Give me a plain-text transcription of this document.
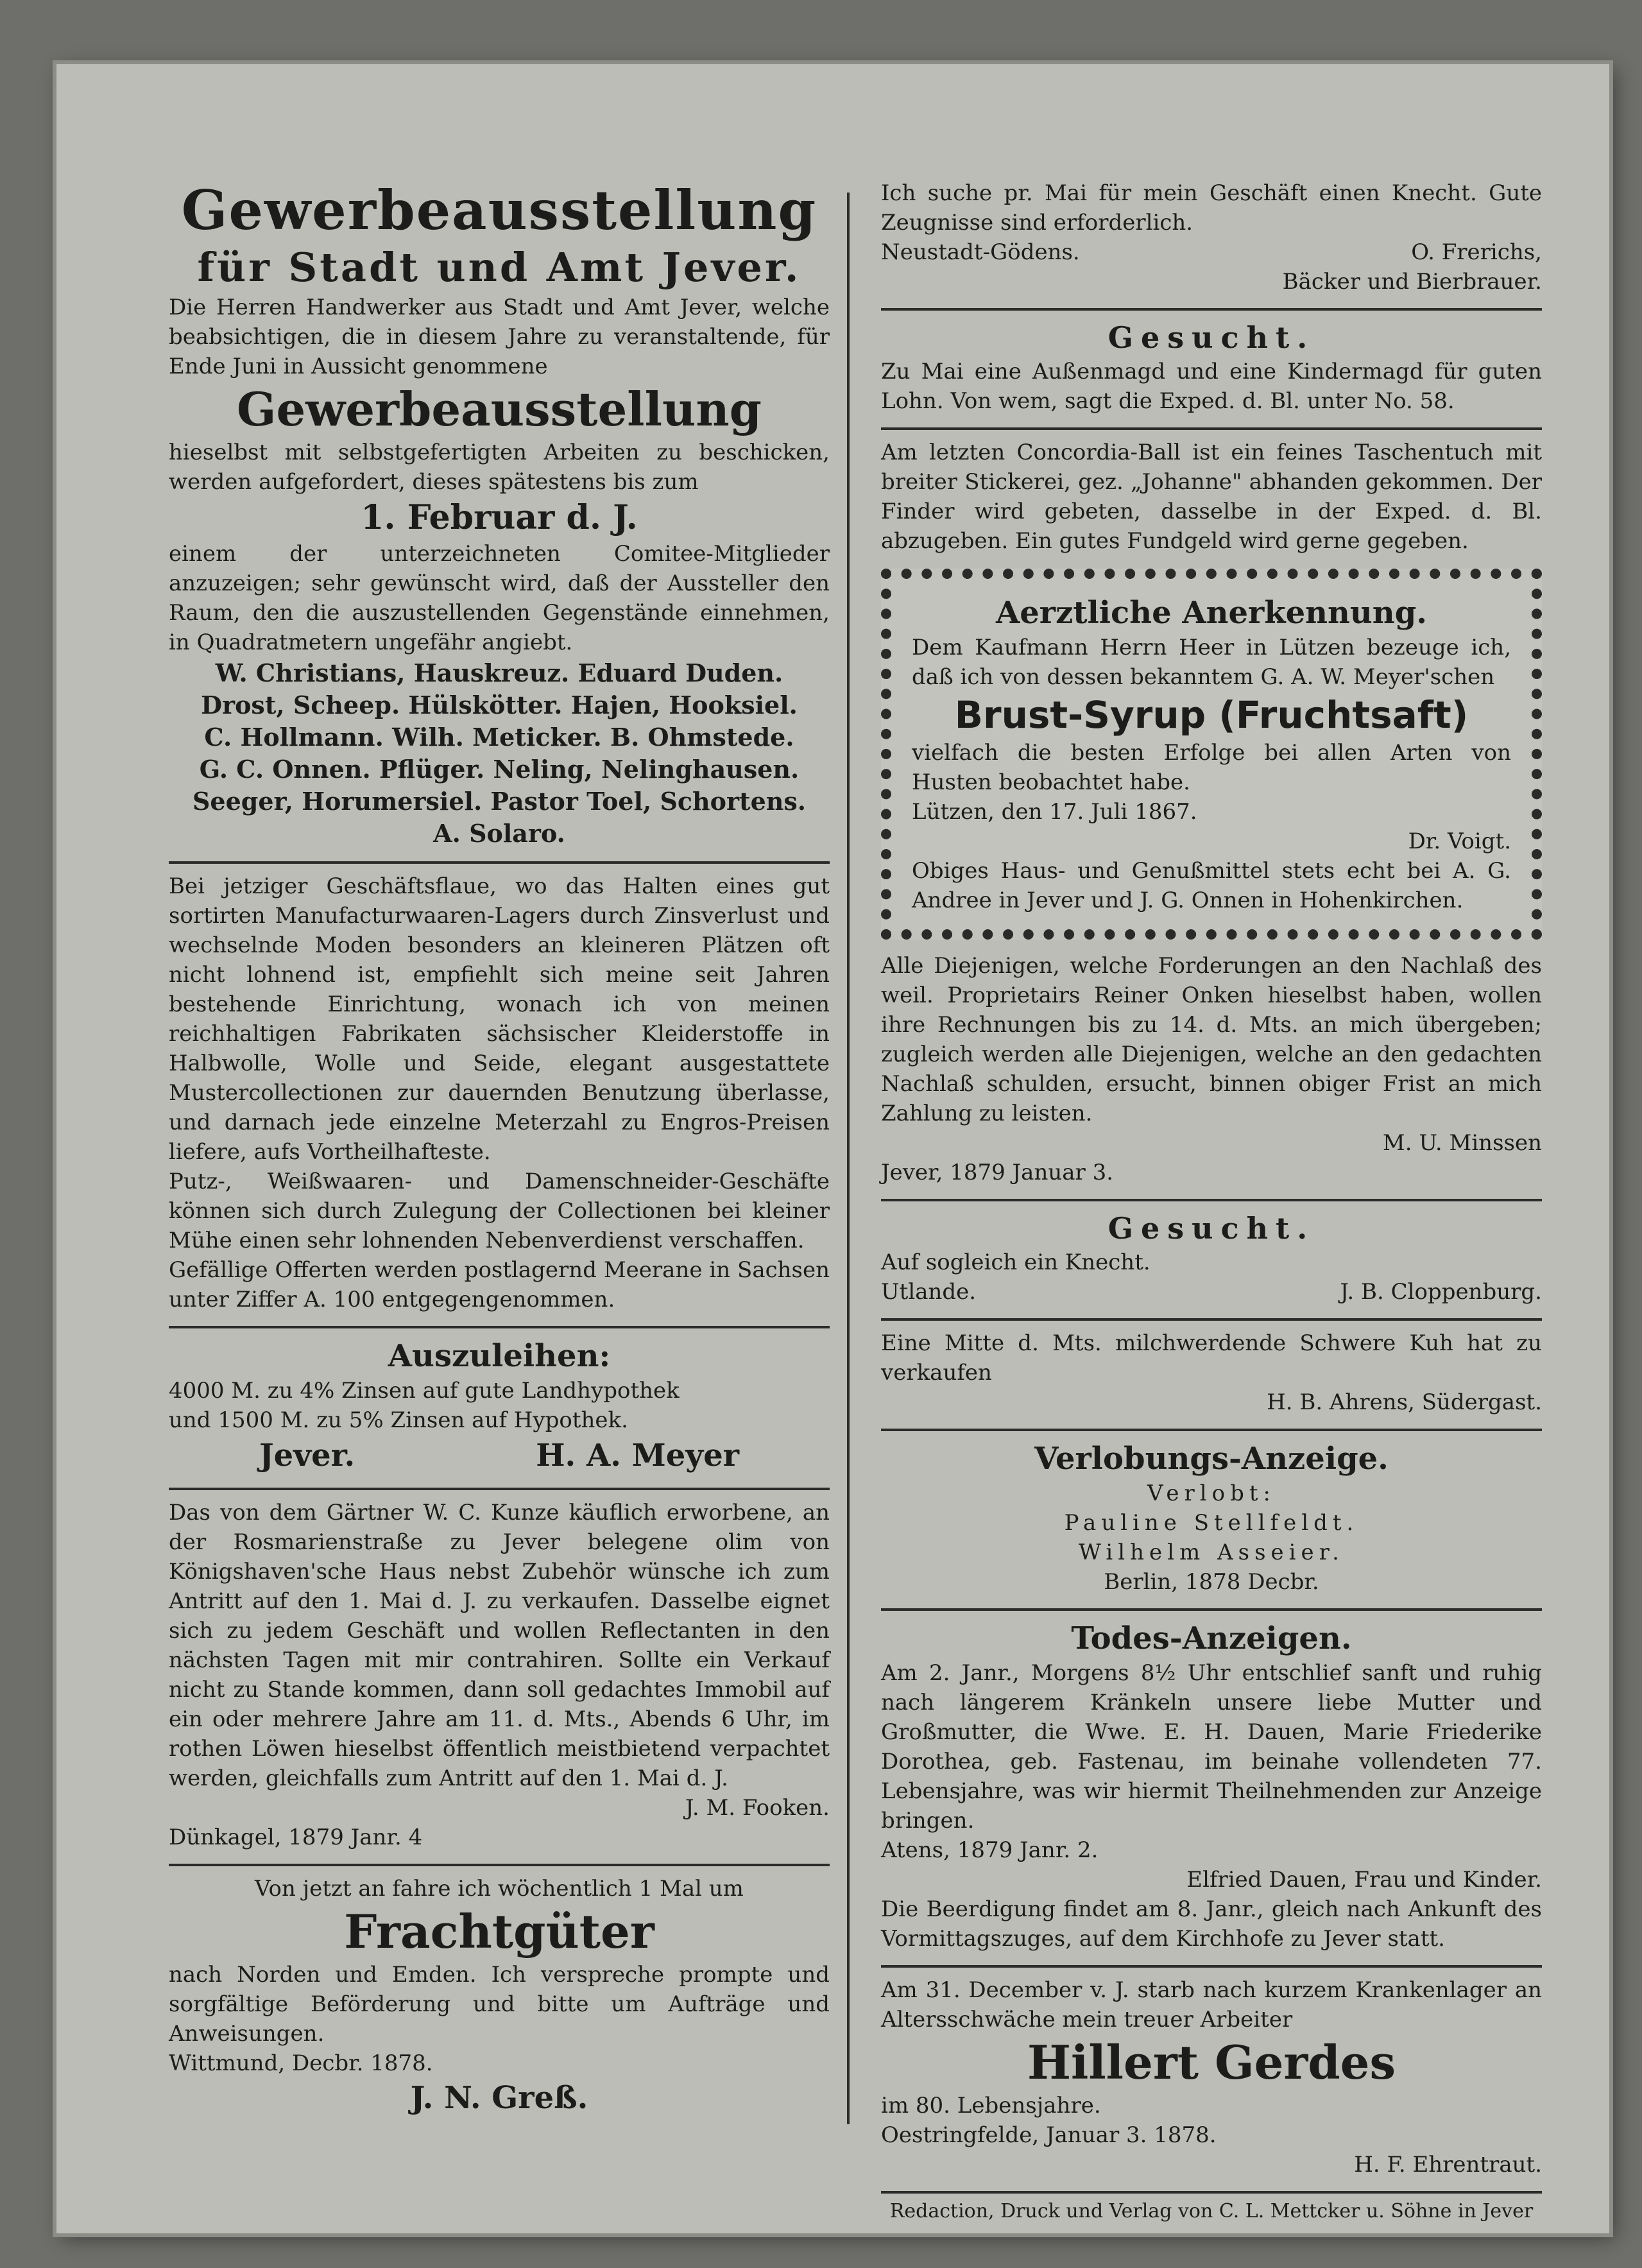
Gewerbeausstellung

für Stadt und Amt Jever.

Die Herren Handwerker aus Stadt und Amt Jever, welche beabsichtigen, die in diesem Jahre zu veranstaltende, für Ende Juni in Aussicht genommene

Gewerbeausstellung

hieselbst mit selbstgefertigten Arbeiten zu beschicken, werden aufgefordert, dieses spätestens bis zum

1. Februar d. J.

einem der unterzeichneten Comitee-Mitglieder anzuzeigen; sehr gewünscht wird, daß der Aussteller den Raum, den die auszustellenden Gegenstände einnehmen, in Quadratmetern ungefähr angiebt.

W. Christians, Hauskreuz. Eduard Duden.

Drost, Scheep. Hülskötter. Hajen, Hooksiel.

C. Hollmann. Wilh. Meticker. B. Ohmstede.

G. C. Onnen. Pflüger. Neling, Nelinghausen.

Seeger, Horumersiel. Pastor Toel, Schortens.

A. Solaro.

Bei jetziger Geschäftsflaue, wo das Halten eines gut sortirten Manufacturwaaren-Lagers durch Zinsverlust und wechselnde Moden besonders an kleineren Plätzen oft nicht lohnend ist, empfiehlt sich meine seit Jahren bestehende Einrichtung, wonach ich von meinen reichhaltigen Fabrikaten sächsischer Kleiderstoffe in Halbwolle, Wolle und Seide, elegant ausgestattete Mustercollectionen zur dauernden Benutzung überlasse, und darnach jede einzelne Meterzahl zu Engros-Preisen liefere, aufs Vortheilhafteste.

Putz-, Weißwaaren- und Damenschneider-Geschäfte können sich durch Zulegung der Collectionen bei kleiner Mühe einen sehr lohnenden Nebenverdienst verschaffen.

Gefällige Offerten werden postlagernd Meerane in Sachsen unter Ziffer A. 100 entgegengenommen.

Auszuleihen:

4000 M. zu 4% Zinsen auf gute Landhypothek

und 1500 M. zu 5% Zinsen auf Hypothek.

Jever.	H. A. Meyer

Das von dem Gärtner W. C. Kunze käuflich erworbene, an der Rosmarienstraße zu Jever belegene olim von Königshaven'sche Haus nebst Zubehör wünsche ich zum Antritt auf den 1. Mai d. J. zu verkaufen. Dasselbe eignet sich zu jedem Geschäft und wollen Reflectanten in den nächsten Tagen mit mir contrahiren. Sollte ein Verkauf nicht zu Stande kommen, dann soll gedachtes Immobil auf ein oder mehrere Jahre am 11. d. Mts., Abends 6 Uhr, im rothen Löwen hieselbst öffentlich meistbietend verpachtet werden, gleichfalls zum Antritt auf den 1. Mai d. J.

J. M. Fooken.

Dünkagel, 1879 Janr. 4

Von jetzt an fahre ich wöchentlich 1 Mal um

Frachtgüter

nach Norden und Emden. Ich verspreche prompte und sorgfältige Beförderung und bitte um Aufträge und Anweisungen.

Wittmund, Decbr. 1878.

J. N. Greß.

Ich suche pr. Mai für mein Geschäft einen Knecht. Gute Zeugnisse sind erforderlich.

Neustadt-Gödens.	O. Frerichs,

Bäcker und Bierbrauer.

Gesucht.

Zu Mai eine Außenmagd und eine Kindermagd für guten Lohn. Von wem, sagt die Exped. d. Bl. unter No. 58.

Am letzten Concordia-Ball ist ein feines Taschentuch mit breiter Stickerei, gez. „Johanne" abhanden gekommen. Der Finder wird gebeten, dasselbe in der Exped. d. Bl. abzugeben. Ein gutes Fundgeld wird gerne gegeben.

Aerztliche Anerkennung.

Dem Kaufmann Herrn Heer in Lützen bezeuge ich, daß ich von dessen bekanntem G. A. W. Meyer'schen

Brust-Syrup (Fruchtsaft)

vielfach die besten Erfolge bei allen Arten von Husten beobachtet habe.

Lützen, den 17. Juli 1867.

Dr. Voigt.

Obiges Haus- und Genußmittel stets echt bei A. G. Andree in Jever und J. G. Onnen in Hohenkirchen.

Alle Diejenigen, welche Forderungen an den Nachlaß des weil. Proprietairs Reiner Onken hieselbst haben, wollen ihre Rechnungen bis zu 14. d. Mts. an mich übergeben; zugleich werden alle Diejenigen, welche an den gedachten Nachlaß schulden, ersucht, binnen obiger Frist an mich Zahlung zu leisten.

M. U. Minssen

Jever, 1879 Januar 3.

Gesucht.

Auf sogleich ein Knecht.

Utlande.	J. B. Cloppenburg.

Eine Mitte d. Mts. milchwerdende Schwere Kuh hat zu verkaufen

H. B. Ahrens, Südergast.

Verlobungs-Anzeige.

Verlobt:

Pauline Stellfeldt.

Wilhelm Asseier.

Berlin, 1878 Decbr.

Todes-Anzeigen.

Am 2. Janr., Morgens 8½ Uhr entschlief sanft und ruhig nach längerem Kränkeln unsere liebe Mutter und Großmutter, die Wwe. E. H. Dauen, Marie Friederike Dorothea, geb. Fastenau, im beinahe vollendeten 77. Lebensjahre, was wir hiermit Theilnehmenden zur Anzeige bringen.

Atens, 1879 Janr. 2.

Elfried Dauen, Frau und Kinder.

Die Beerdigung findet am 8. Janr., gleich nach Ankunft des Vormittagszuges, auf dem Kirchhofe zu Jever statt.

Am 31. December v. J. starb nach kurzem Krankenlager an Altersschwäche mein treuer Arbeiter

Hillert Gerdes

im 80. Lebensjahre.

Oestringfelde, Januar 3. 1878.

H. F. Ehrentraut.

Redaction, Druck und Verlag von C. L. Mettcker u. Söhne in Jever
